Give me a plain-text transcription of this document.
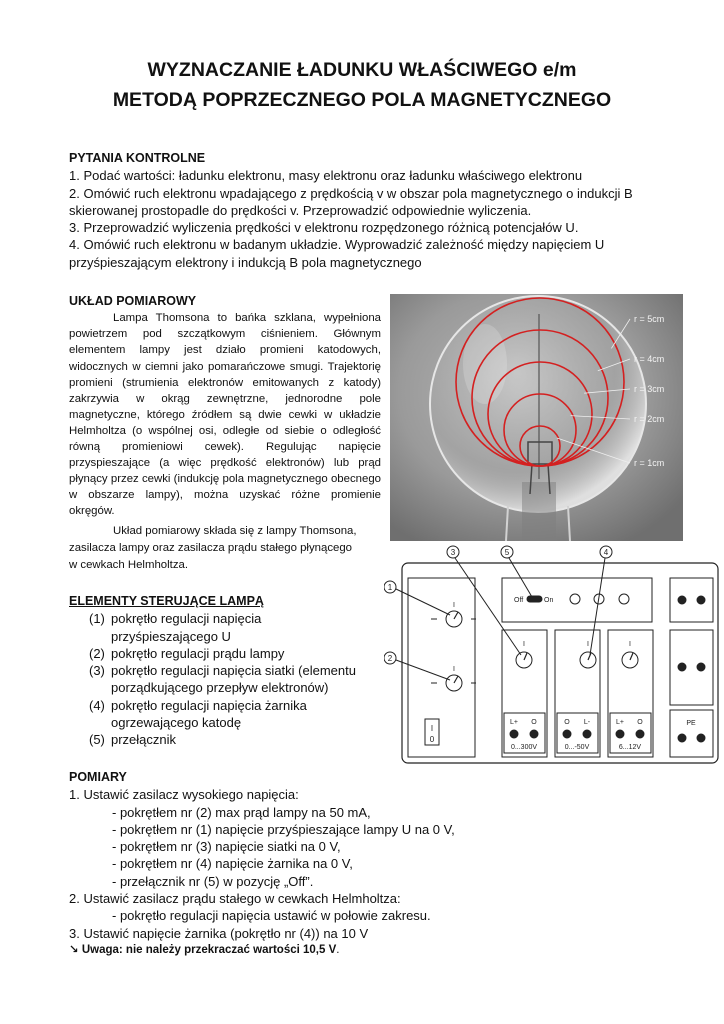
WYZNACZANIE ŁADUNKU WŁAŚCIWEGO e/m
METODĄ POPRZECZNEGO POLA MAGNETYCZNEGO
PYTANIA KONTROLNE
1. Podać wartości: ładunku elektronu, masy elektronu oraz ładunku właściwego elektronu
2. Omówić ruch elektronu wpadającego z prędkością v w obszar pola magnetycznego o indukcji B
skierowanej prostopadle do prędkości v. Przeprowadzić odpowiednie wyliczenia.
3. Przeprowadzić wyliczenia prędkości v elektronu rozpędzonego różnicą potencjałów U.
4. Omówić ruch elektronu w badanym układzie. Wyprowadzić zależność między napięciem U
przyśpieszającym elektrony i indukcją B pola magnetycznego
UKŁAD POMIAROWY
Lampa Thomsona to bańka szklana, wypełniona powietrzem pod szczątkowym ciśnieniem. Głównym elementem lampy jest działo promieni katodowych, widocznych w ciemni jako pomarańczowe smugi. Trajektorię promieni (strumienia elektronów emitowanych z katody) zakrzywia w okrąg zewnętrzne, jednorodne pole magnetyczne, którego źródłem są dwie cewki w układzie Helmholtza (o wspólnej osi, odległe od siebie o odległość równą promieniowi cewek). Regulując napięcie przyspieszające (a więc prędkość elektronów) lub prąd płynący przez cewki (indukcję pola magnetycznego obecnego w obszarze lampy), można uzyskać różne promienie okręgów.
Układ pomiarowy składa się z lampy Thomsona,
zasilacza lampy oraz zasilacza prądu stałego płynącego
w cewkach Helmholtza.
ELEMENTY STERUJĄCE LAMPĄ
(1) pokrętło regulacji napięcia
przyśpieszającego U
(2) pokrętło regulacji prądu lampy
(3) pokrętło regulacji napięcia siatki (elementu
porządkującego przepływ elektronów)
(4) pokrętło regulacji napięcia żarnika
ogrzewającego katodę
(5) przełącznik
POMIARY
1. Ustawić zasilacz wysokiego napięcia:
- pokrętłem nr (2) max prąd lampy na 50 mA,
- pokrętłem nr (1) napięcie przyśpieszające lampy U na 0 V,
- pokrętłem nr (3) napięcie siatki na 0 V,
- pokrętłem nr (4) napięcie żarnika na 0 V,
- przełącznik nr (5) w pozycję „Off”.
2. Ustawić zasilacz prądu stałego w cewkach Helmholtza:
- pokrętło regulacji napięcia ustawić w połowie zakresu.
3. Ustawić napięcie żarnika (pokrętło nr (4)) na 10 V
↘ Uwaga: nie należy przekraczać wartości 10,5 V.
r = 5cm
r = 4cm
r = 3cm
r = 2cm
r = 1cm
I
0
I
I
I	I	I
Off	On
PE
L+ O	O L-	L+ O
0...300V	0...-50V	6...12V
1
2
3	5	4
